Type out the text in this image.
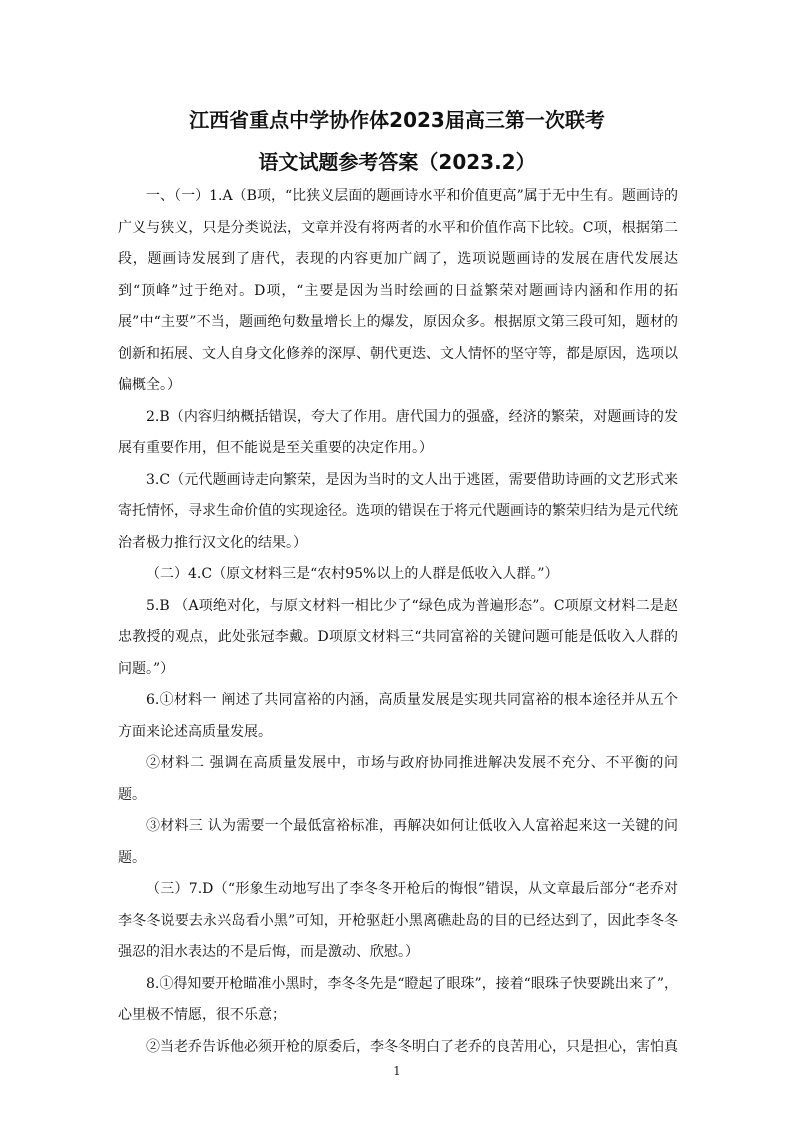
江西省重点中学协作体2023届高三第一次联考
语文试题参考答案（2023.2）

一、（一）1.A（B项，“比狭义层面的题画诗水平和价值更高”属于无中生有。题画诗的广义与狭义，只是分类说法，文章并没有将两者的水平和价值作高下比较。C项，根据第二段，题画诗发展到了唐代，表现的内容更加广阔了，选项说题画诗的发展在唐代发展达到“顶峰”过于绝对。D项，“主要是因为当时绘画的日益繁荣对题画诗内涵和作用的拓展”中“主要”不当，题画绝句数量增长上的爆发，原因众多。根据原文第三段可知，题材的创新和拓展、文人自身文化修养的深厚、朝代更迭、文人情怀的坚守等，都是原因，选项以偏概全。）

2.B（内容归纳概括错误，夸大了作用。唐代国力的强盛，经济的繁荣，对题画诗的发展有重要作用，但不能说是至关重要的决定作用。）

3.C（元代题画诗走向繁荣，是因为当时的文人出于逃匿，需要借助诗画的文艺形式来寄托情怀，寻求生命价值的实现途径。选项的错误在于将元代题画诗的繁荣归结为是元代统治者极力推行汉文化的结果。）

（二）4.C（原文材料三是“农村95%以上的人群是低收入人群。”）

5.B （A项绝对化，与原文材料一相比少了“绿色成为普遍形态”。C项原文材料二是赵忠教授的观点，此处张冠李戴。D项原文材料三“共同富裕的关键问题可能是低收入人群的问题。”）

6.①材料一 阐述了共同富裕的内涵，高质量发展是实现共同富裕的根本途径并从五个方面来论述高质量发展。

②材料二 强调在高质量发展中，市场与政府协同推进解决发展不充分、不平衡的问题。

③材料三 认为需要一个最低富裕标准，再解决如何让低收入人富裕起来这一关键的问题。

（三）7.D（“形象生动地写出了李冬冬开枪后的悔恨”错误，从文章最后部分“老乔对李冬冬说要去永兴岛看小黑”可知，开枪驱赶小黑离礁赴岛的目的已经达到了，因此李冬冬强忍的泪水表达的不是后悔，而是激动、欣慰。）

8.①得知要开枪瞄准小黑时，李冬冬先是“瞪起了眼珠”，接着“眼珠子快要跳出来了”，心里极不情愿，很不乐意；

②当老乔告诉他必须开枪的原委后，李冬冬明白了老乔的良苦用心，只是担心，害怕真

1
